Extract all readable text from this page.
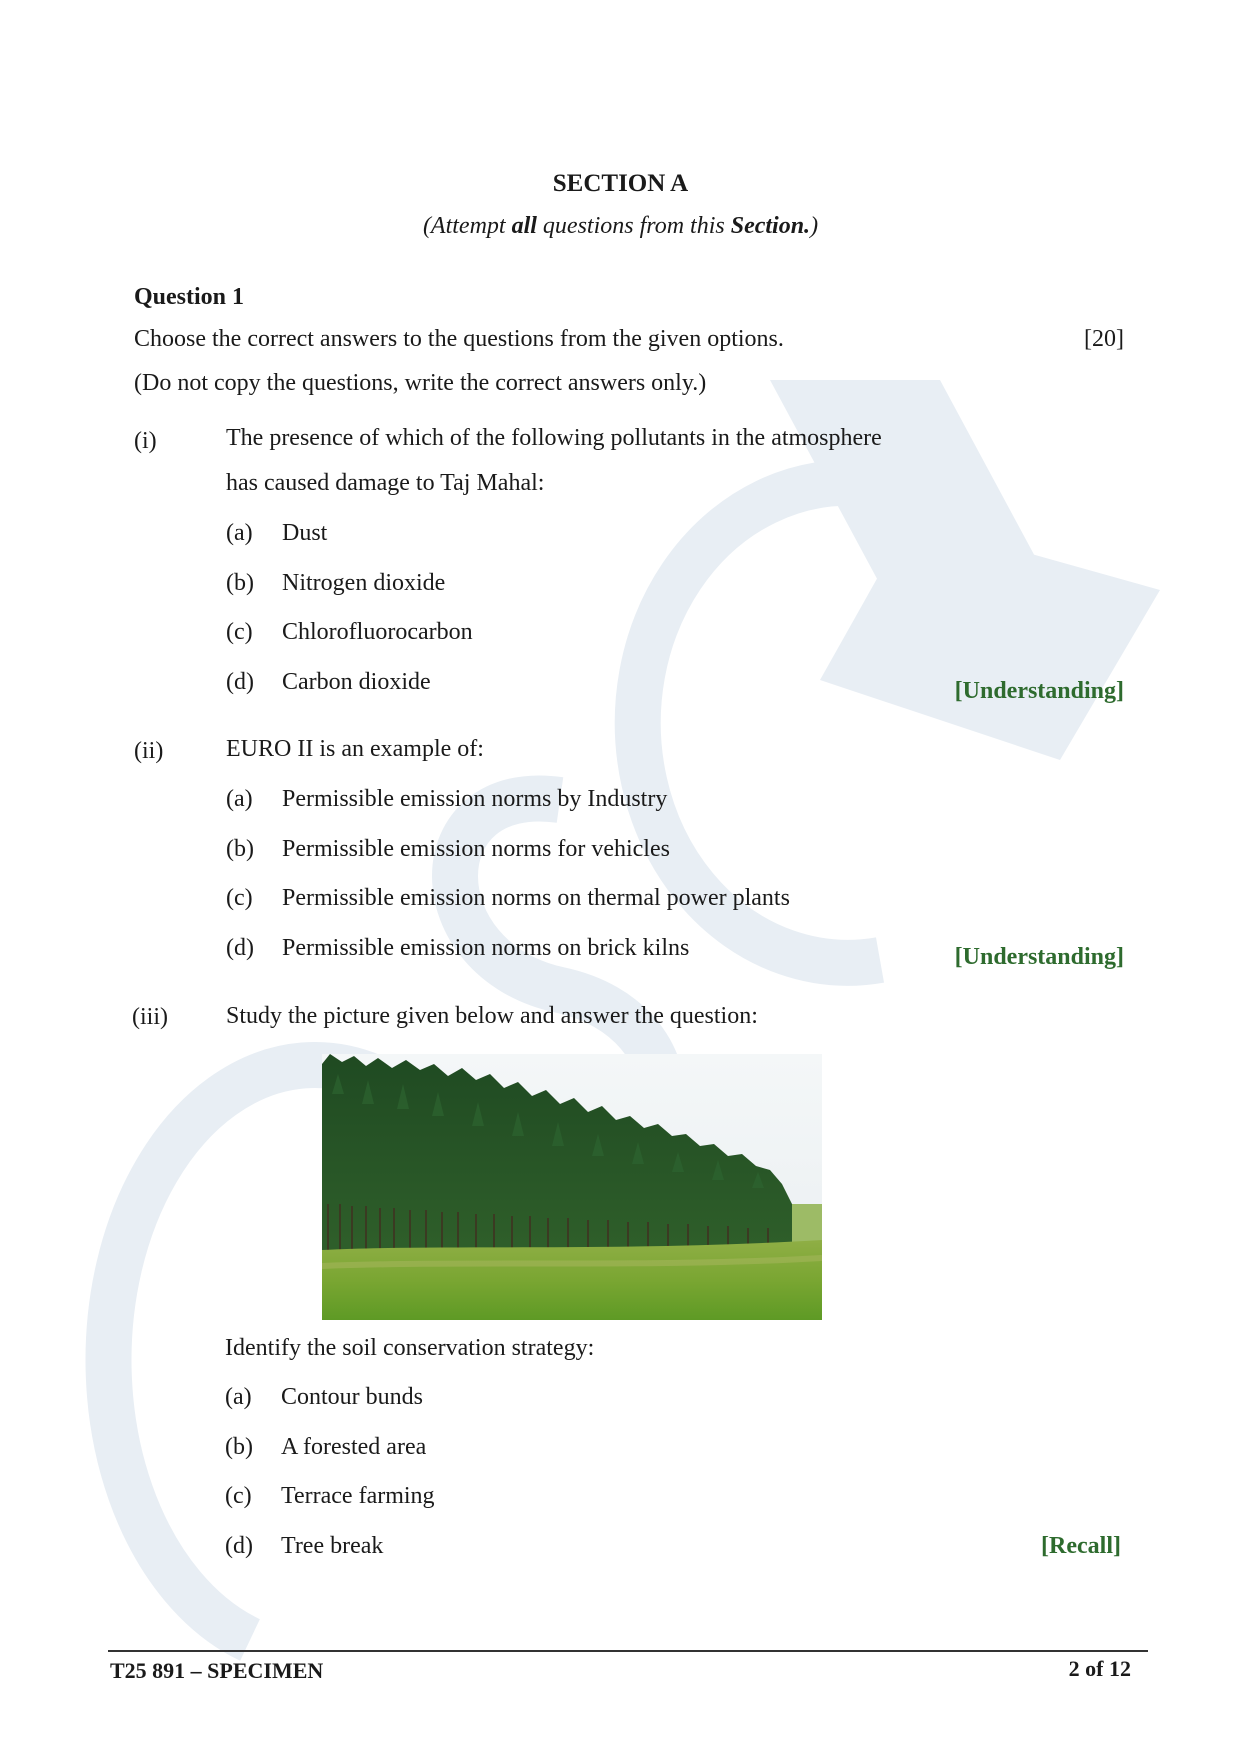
SECTION A
(Attempt all questions from this Section.)
Question 1
Choose the correct answers to the questions from the given options.	[20]
(Do not copy the questions, write the correct answers only.)
(i)	The presence of which of the following pollutants in the atmosphere
has caused damage to Taj Mahal:
(a) Dust
(b) Nitrogen dioxide
(c) Chlorofluorocarbon
(d) Carbon dioxide	[Understanding]
(ii)	EURO II is an example of:
(a) Permissible emission norms by Industry
(b) Permissible emission norms for vehicles
(c) Permissible emission norms on thermal power plants
(d) Permissible emission norms on brick kilns	[Understanding]
(iii) Study the picture given below and answer the question:
Identify the soil conservation strategy:
(a) Contour bunds
(b) A forested area
(c) Terrace farming
(d) Tree break	[Recall]
T25 891 – SPECIMEN	2 of 12
